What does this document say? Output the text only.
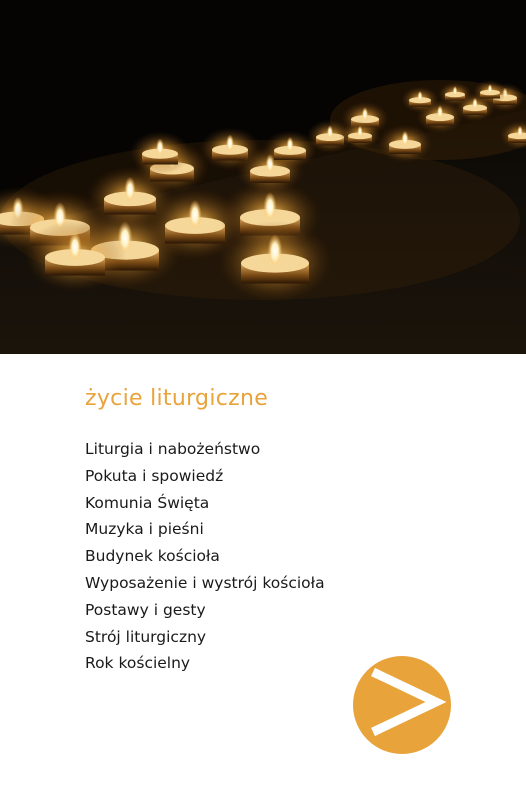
życie liturgiczne
Liturgia i nabożeństwo
Pokuta i spowiedź
Komunia Święta
Muzyka i pieśni
Budynek kościoła
Wyposażenie i wystrój kościoła
Postawy i gesty
Strój liturgiczny
Rok kościelny
